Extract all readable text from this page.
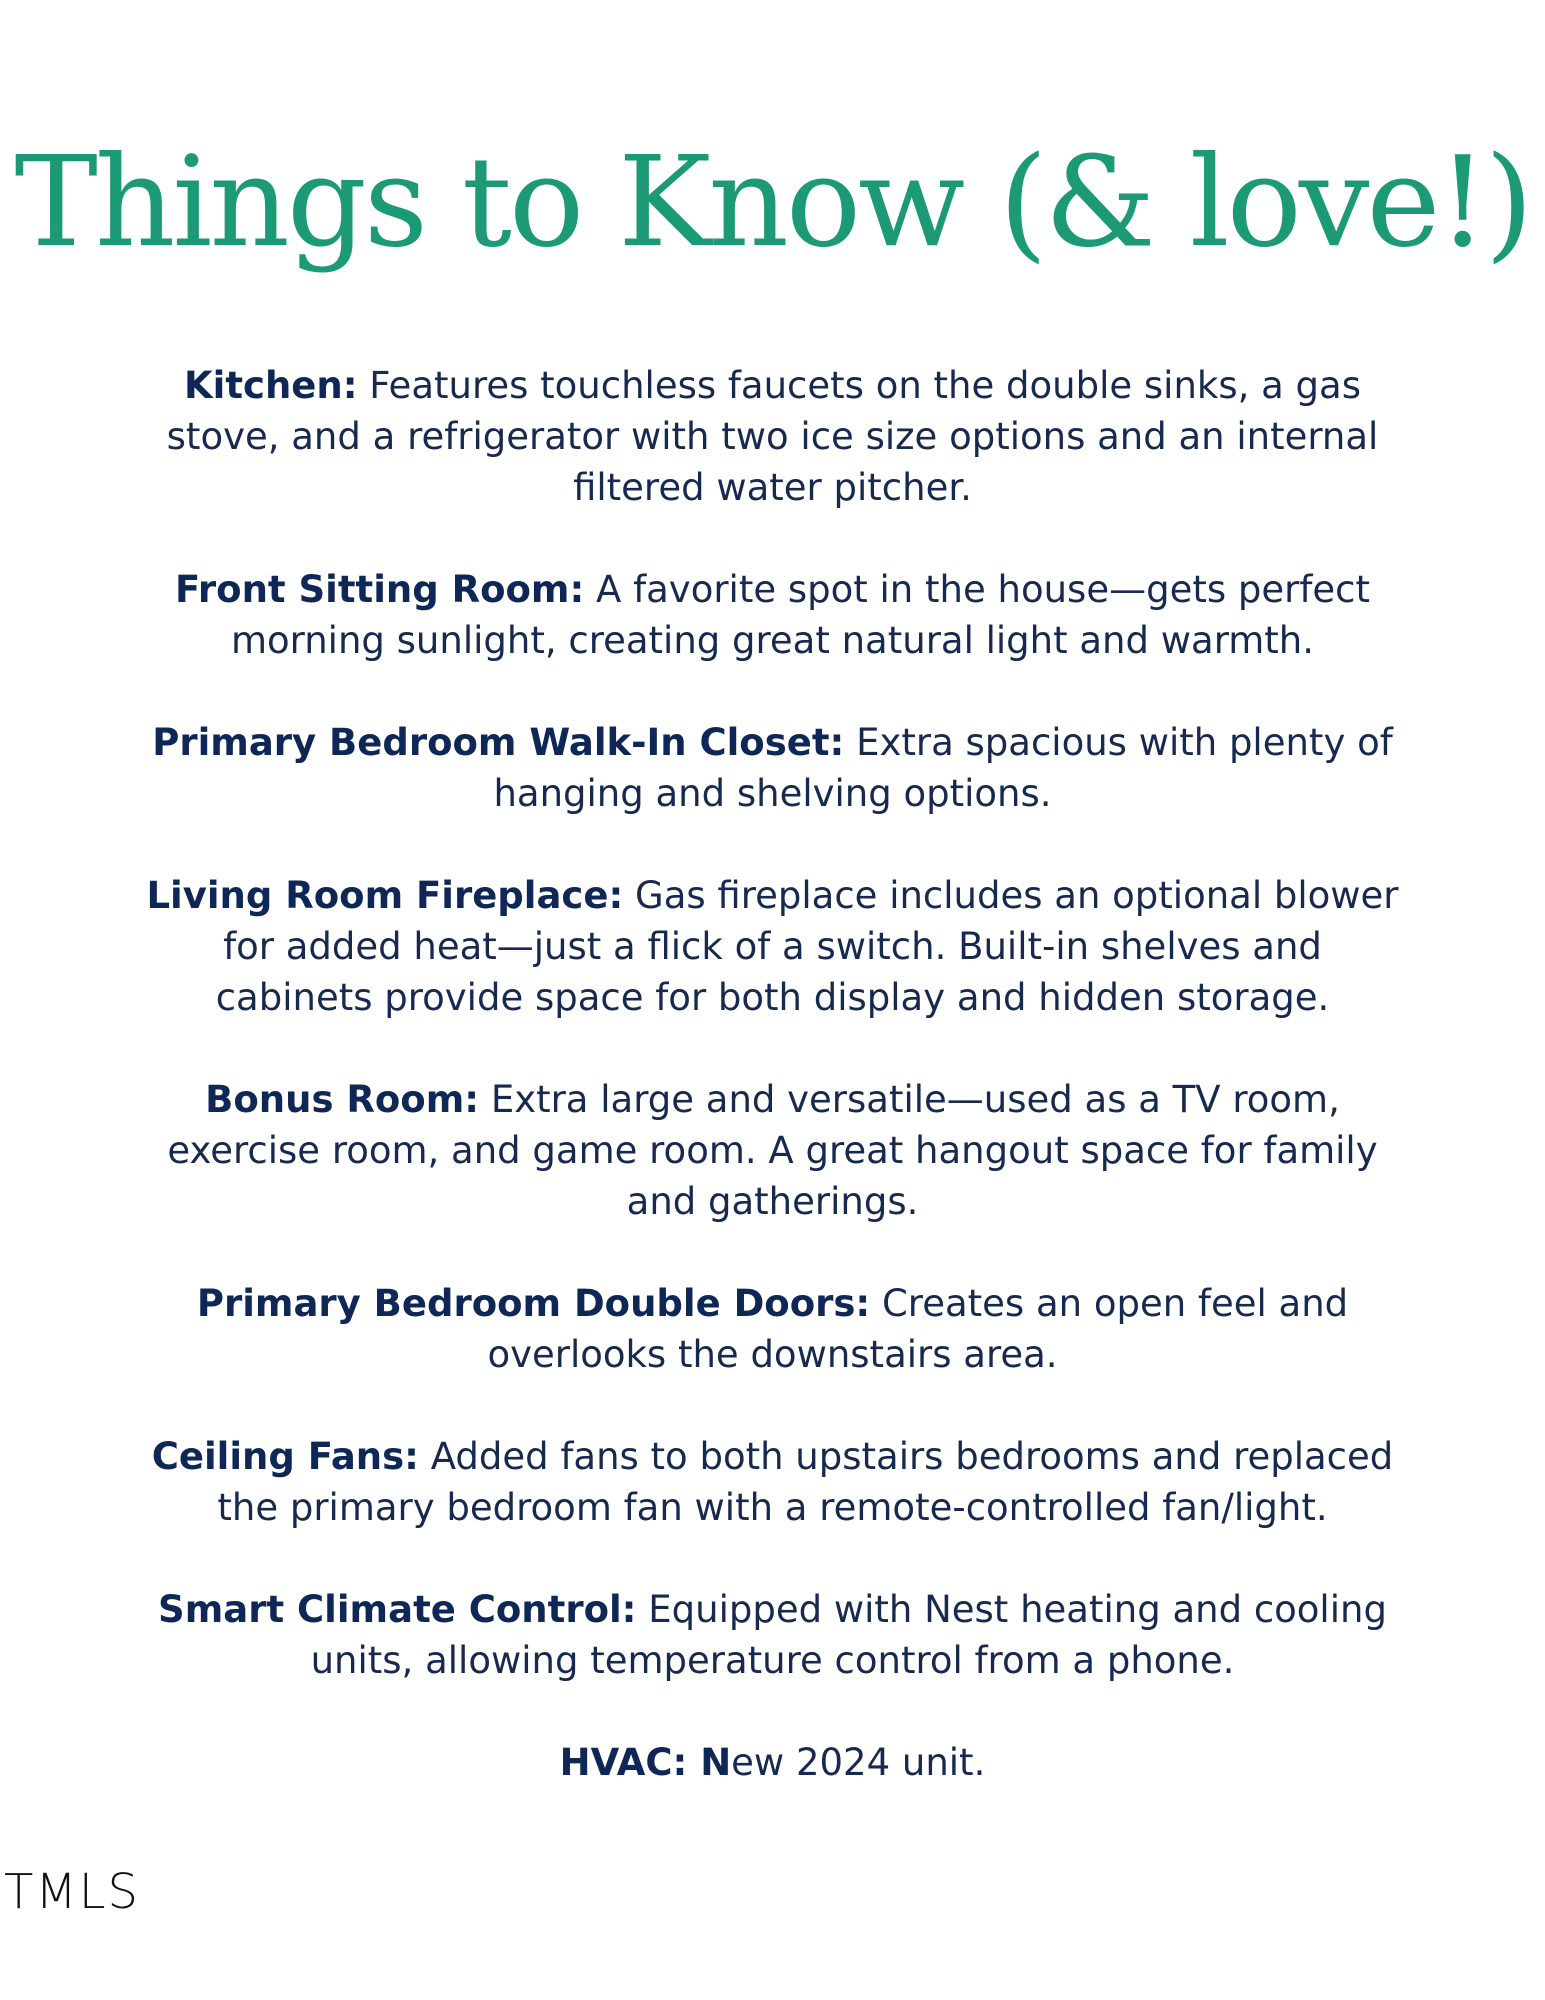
Things to Know (& love!)

Kitchen: Features touchless faucets on the double sinks, a gas stove, and a refrigerator with two ice size options and an internal filtered water pitcher.

Front Sitting Room: A favorite spot in the house—gets perfect morning sunlight, creating great natural light and warmth.

Primary Bedroom Walk-In Closet: Extra spacious with plenty of hanging and shelving options.

Living Room Fireplace: Gas fireplace includes an optional blower for added heat—just a flick of a switch. Built-in shelves and cabinets provide space for both display and hidden storage.

Bonus Room: Extra large and versatile—used as a TV room, exercise room, and game room. A great hangout space for family and gatherings.

Primary Bedroom Double Doors: Creates an open feel and overlooks the downstairs area.

Ceiling Fans: Added fans to both upstairs bedrooms and replaced the primary bedroom fan with a remote-controlled fan/light.

Smart Climate Control: Equipped with Nest heating and cooling units, allowing temperature control from a phone.

HVAC: New 2024 unit.

TMLS
